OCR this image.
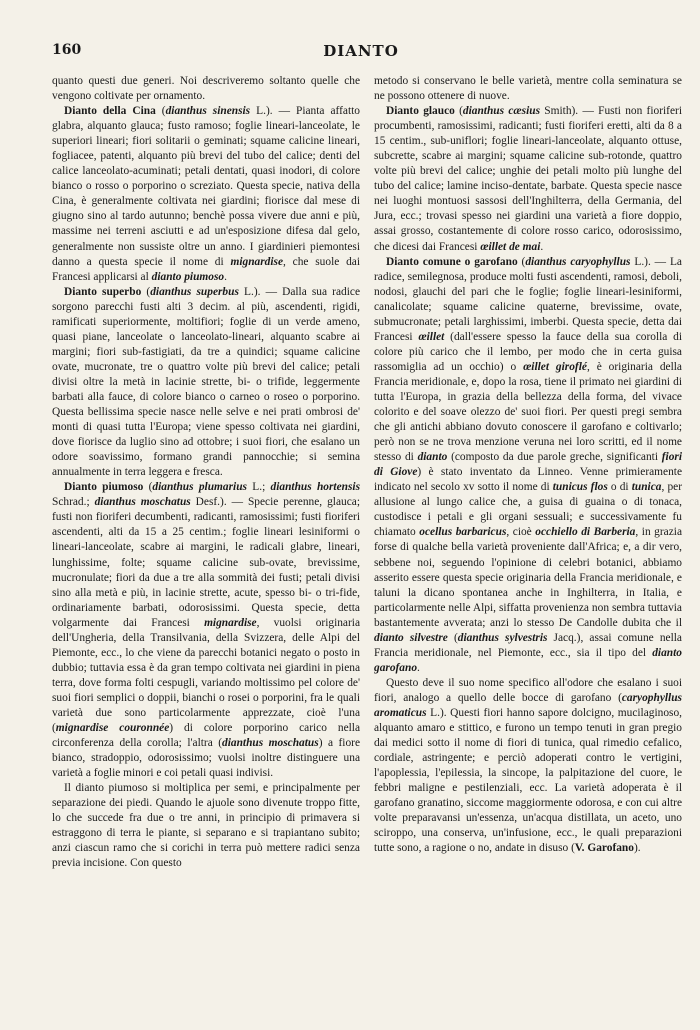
160	DIANTO

quanto questi due generi. Noi descriveremo soltanto quelle che vengono coltivate per ornamento.

Dianto della Cina (dianthus sinensis L.). — Pianta affatto glabra, alquanto glauca; fusto ramoso; foglie lineari-lanceolate, le superiori lineari; fiori solitarii o geminati; squame calicine lineari, fogliacee, patenti, alquanto più brevi del tubo del calice; denti del calice lanceolato-acuminati; petali dentati, quasi inodori, di colore bianco o rosso o porporino o screziato. Questa specie, nativa della Cina, è generalmente coltivata nei giardini; fiorisce dal mese di giugno sino al tardo autunno; benchè possa vivere due anni e più, massime nei terreni asciutti e ad un'esposizione difesa dal gelo, generalmente non sussiste oltre un anno. I giardinieri piemontesi danno a questa specie il nome di mignardise, che suole dai Francesi applicarsi al dianto piumoso.

Dianto superbo (dianthus superbus L.). — Dalla sua radice sorgono parecchi fusti alti 3 decim. al più, ascendenti, rigidi, ramificati superiormente, moltifiori; foglie di un verde ameno, quasi piane, lanceolate o lanceolato-lineari, alquanto scabre ai margini; fiori sub-fastigiati, da tre a quindici; squame calicine ovate, mucronate, tre o quattro volte più brevi del calice; petali divisi oltre la metà in lacinie strette, bi- o trifide, leggermente barbati alla fauce, di colore bianco o carneo o roseo o porporino. Questa bellissima specie nasce nelle selve e nei prati ombrosi de' monti di quasi tutta l'Europa; viene spesso coltivata nei giardini, dove fiorisce da luglio sino ad ottobre; i suoi fiori, che esalano un odore soavissimo, formano grandi pannocchie; si semina annualmente in terra leggera e fresca.

Dianto piumoso (dianthus plumarius L.; dianthus hortensis Schrad.; dianthus moschatus Desf.). — Specie perenne, glauca; fusti non fioriferi decumbenti, radicanti, ramosissimi; fusti fioriferi ascendenti, alti da 15 a 25 centim.; foglie lineari lesiniformi o lineari-lanceolate, scabre ai margini, le radicali glabre, lineari, lunghissime, folte; squame calicine sub-ovate, brevissime, mucronulate; fiori da due a tre alla sommità dei fusti; petali divisi sino alla metà e più, in lacinie strette, acute, spesso bi- o tri-fide, ordinariamente barbati, odorosissimi. Questa specie, detta volgarmente dai Francesi mignardise, vuolsi originaria dell'Ungheria, della Transilvania, della Svizzera, delle Alpi del Piemonte, ecc., lo che viene da parecchi botanici negato o posto in dubbio; tuttavia essa è da gran tempo coltivata nei giardini in piena terra, dove forma folti cespugli, variando moltissimo pel colore de' suoi fiori semplici o doppii, bianchi o rosei o porporini, fra le quali varietà due sono particolarmente apprezzate, cioè l'una (mignardise couronnée) di colore porporino carico nella circonferenza della corolla; l'altra (dianthus moschatus) a fiore bianco, stradoppio, odorosissimo; vuolsi inoltre distinguere una varietà a foglie minori e coi petali quasi indivisi.

Il dianto piumoso si moltiplica per semi, e principalmente per separazione dei piedi. Quando le ajuole sono divenute troppo fitte, lo che succede fra due o tre anni, in principio di primavera si estraggono di terra le piante, si separano e si trapiantano subito; anzi ciascun ramo che si corichi in terra può mettere radici senza previa incisione. Con questo

metodo si conservano le belle varietà, mentre colla seminatura se ne possono ottenere di nuove.

Dianto glauco (dianthus cæsius Smith). — Fusti non fioriferi procumbenti, ramosissimi, radicanti; fusti fioriferi eretti, alti da 8 a 15 centim., sub-uniflori; foglie lineari-lanceolate, alquanto ottuse, subcrette, scabre ai margini; squame calicine sub-rotonde, quattro volte più brevi del calice; unghie dei petali molto più lunghe del tubo del calice; lamine inciso-dentate, barbate. Questa specie nasce nei luoghi montuosi sassosi dell'Inghilterra, della Germania, del Jura, ecc.; trovasi spesso nei giardini una varietà a fiore doppio, assai grosso, costantemente di colore rosso carico, odorosissimo, che dicesi dai Francesi œillet de mai.

Dianto comune o garofano (dianthus caryophyllus L.). — La radice, semilegnosa, produce molti fusti ascendenti, ramosi, deboli, nodosi, glauchi del pari che le foglie; foglie lineari-lesiniformi, canalicolate; squame calicine quaterne, brevissime, ovate, submucronate; petali larghissimi, imberbi. Questa specie, detta dai Francesi œillet (dall'essere spesso la fauce della sua corolla di colore più carico che il lembo, per modo che in certa guisa rassomiglia ad un occhio) o œillet giroflé, è originaria della Francia meridionale, e, dopo la rosa, tiene il primato nei giardini di tutta l'Europa, in grazia della bellezza della forma, del vivace colorito e del soave olezzo de' suoi fiori. Per questi pregi sembra che gli antichi abbiano dovuto conoscere il garofano e coltivarlo; però non se ne trova menzione veruna nei loro scritti, ed il nome stesso di dianto (composto da due parole greche, significanti fiori di Giove) è stato inventato da Linneo. Venne primieramente indicato nel secolo xv sotto il nome di tunicus flos o di tunica, per allusione al lungo calice che, a guisa di guaina o di tonaca, custodisce i petali e gli organi sessuali; e successivamente fu chiamato ocellus barbaricus, cioè occhiello di Barberia, in grazia forse di qualche bella varietà proveniente dall'Africa; e, a dir vero, sebbene noi, seguendo l'opinione di celebri botanici, abbiamo asserito essere questa specie originaria della Francia meridionale, e taluni la dicano spontanea anche in Inghilterra, in Italia, e particolarmente nelle Alpi, siffatta provenienza non sembra tuttavia bastantemente avverata; anzi lo stesso De Candolle dubita che il dianto silvestre (dianthus sylvestris Jacq.), assai comune nella Francia meridionale, nel Piemonte, ecc., sia il tipo del dianto garofano.

Questo deve il suo nome specifico all'odore che esalano i suoi fiori, analogo a quello delle bocce di garofano (caryophyllus aromaticus L.). Questi fiori hanno sapore dolcigno, mucilaginoso, alquanto amaro e stittico, e furono un tempo tenuti in gran pregio dai medici sotto il nome di fiori di tunica, qual rimedio cefalico, cordiale, astringente; e perciò adoperati contro le vertigini, l'apoplessia, l'epilessia, la sincope, la palpitazione del cuore, le febbri maligne e pestilenziali, ecc. La varietà adoperata è il garofano granatino, siccome maggiormente odorosa, e con cui altre volte preparavansi un'essenza, un'acqua distillata, un aceto, uno sciroppo, una conserva, un'infusione, ecc., le quali preparazioni tutte sono, a ragione o no, andate in disuso (V. Garofano).
